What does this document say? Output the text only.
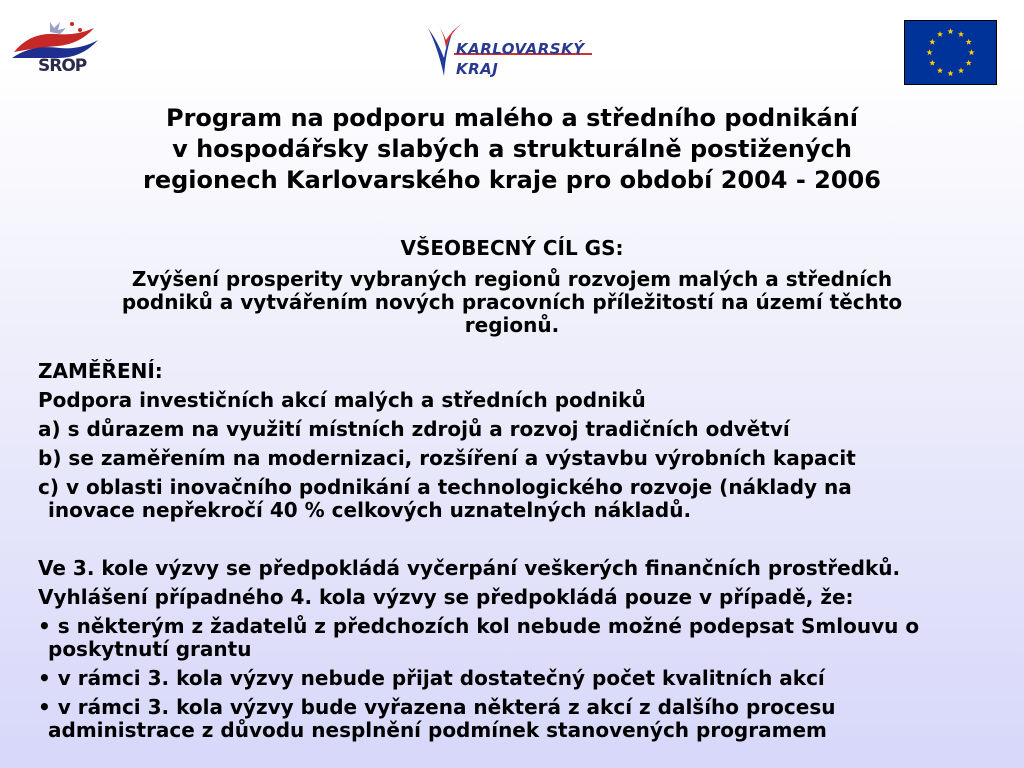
SROP
KARLOVARSKÝ
KRAJ
Program na podporu malého a středního podnikání
v hospodářsky slabých a strukturálně postižených
regionech Karlovarského kraje pro období 2004 - 2006
VŠEOBECNÝ CÍL GS:
Zvýšení prosperity vybraných regionů rozvojem malých a středních
podniků a vytvářením nových pracovních příležitostí na území těchto
regionů.
ZAMĚŘENÍ:
Podpora investičních akcí malých a středních podniků
a) s důrazem na využití místních zdrojů a rozvoj tradičních odvětví
b) se zaměřením na modernizaci, rozšíření a výstavbu výrobních kapacit
c) v oblasti inovačního podnikání a technologického rozvoje (náklady na
inovace nepřekročí 40 % celkových uznatelných nákladů.
Ve 3. kole výzvy se předpokládá vyčerpání veškerých finančních prostředků.
Vyhlášení případného 4. kola výzvy se předpokládá pouze v případě, že:
• s některým z žadatelů z předchozích kol nebude možné podepsat Smlouvu o
poskytnutí grantu
• v rámci 3. kola výzvy nebude přijat dostatečný počet kvalitních akcí
• v rámci 3. kola výzvy bude vyřazena některá z akcí z dalšího procesu
administrace z důvodu nesplnění podmínek stanovených programem
